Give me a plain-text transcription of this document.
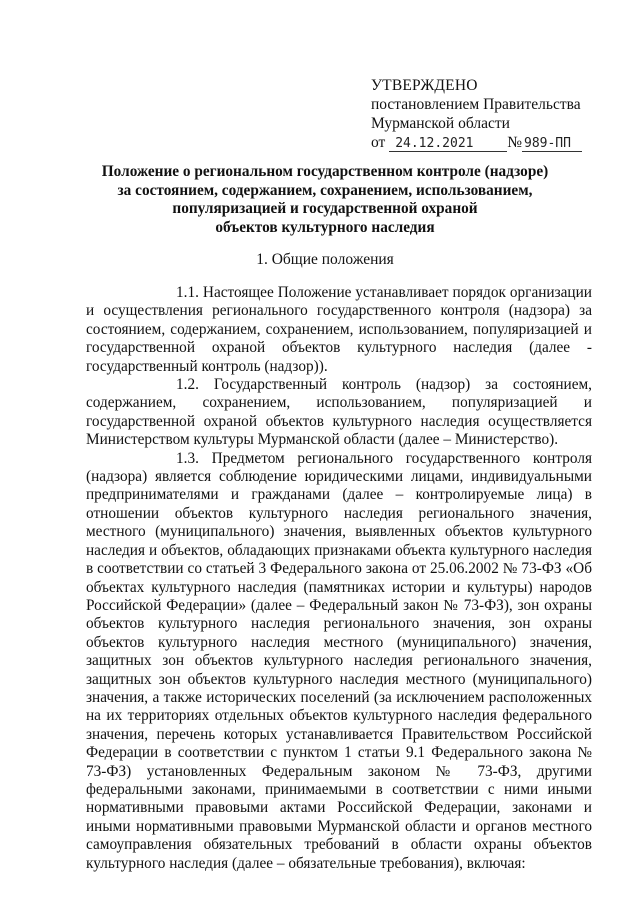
УТВЕРЖДЕНО
постановлением Правительства
Мурманской области
от 24.12.2021 № 989-ПП
Положение о региональном государственном контроле (надзоре)
за состоянием, содержанием, сохранением, использованием,
популяризацией и государственной охраной
объектов культурного наследия
1. Общие положения

1.1. Настоящее Положение устанавливает порядок организации и осуществления регионального государственного контроля (надзора) за состоянием, содержанием, сохранением, использованием, популяризацией и государственной охраной объектов культурного наследия (далее - государственный контроль (надзор)).

1.2. Государственный контроль (надзор) за состоянием, содержанием, сохранением, использованием, популяризацией и государственной охраной объектов культурного наследия осуществляется Министерством культуры Мурманской области (далее – Министерство).

1.3. Предметом регионального государственного контроля (надзора) является соблюдение юридическими лицами, индивидуальными предпринимателями и гражданами (далее – контролируемые лица) в отношении объектов культурного наследия регионального значения, местного (муниципального) значения, выявленных объектов культурного наследия и объектов, обладающих признаками объекта культурного наследия в соответствии со статьей 3 Федерального закона от 25.06.2002 № 73-ФЗ «Об объектах культурного наследия (памятниках истории и культуры) народов Российской Федерации» (далее – Федеральный закон № 73-ФЗ), зон охраны объектов культурного наследия регионального значения, зон охраны объектов культурного наследия местного (муниципального) значения, защитных зон объектов культурного наследия регионального значения, защитных зон объектов культурного наследия местного (муниципального) значения, а также исторических поселений (за исключением расположенных на их территориях отдельных объектов культурного наследия федерального значения, перечень которых устанавливается Правительством Российской Федерации в соответствии с пунктом 1 статьи 9.1 Федерального закона № 73-ФЗ) установленных Федеральным законом № 73-ФЗ, другими федеральными законами, принимаемыми в соответствии с ними иными нормативными правовыми актами Российской Федерации, законами и иными нормативными правовыми Мурманской области и органов местного самоуправления обязательных требований в области охраны объектов культурного наследия (далее – обязательные требования), включая:
